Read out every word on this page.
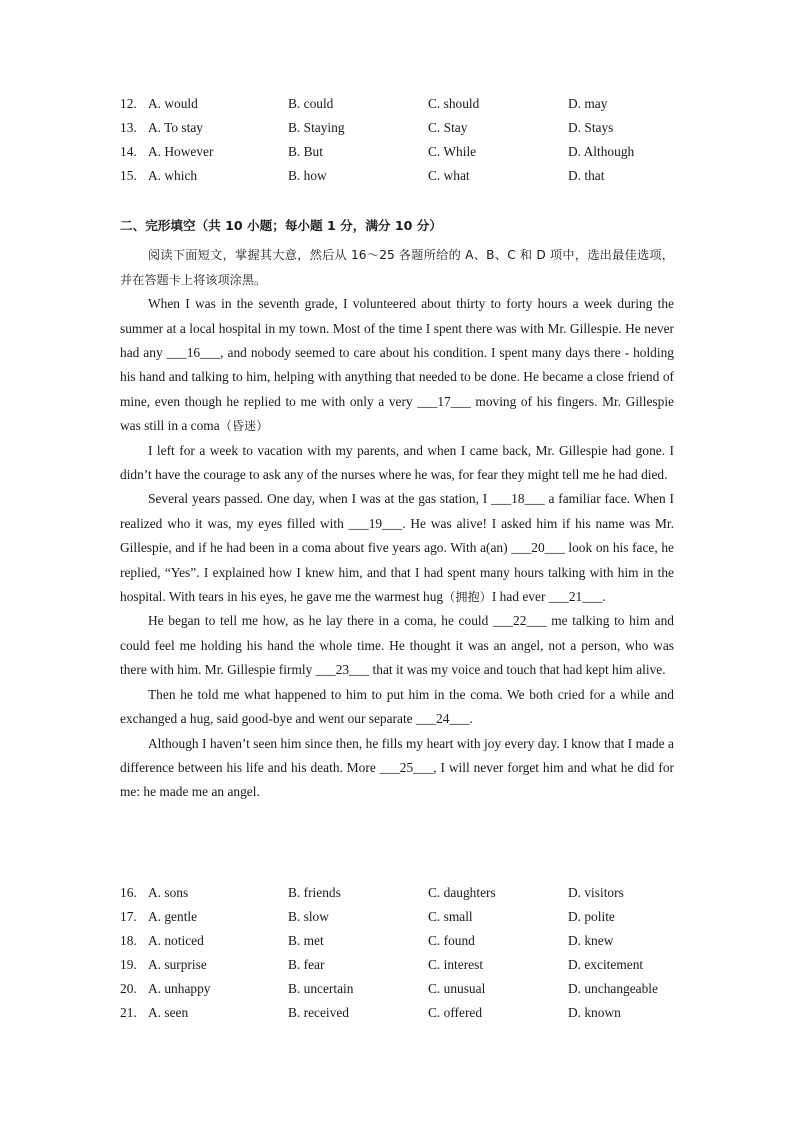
12. A. would	B. could	C. should	D. may
13. A. To stay	B. Staying	C. Stay	D. Stays
14. A. However	B. But	C. While	D. Although
15. A. which	B. how	C. what	D. that
二、完形填空（共 10 小题；每小题 1 分，满分 10 分）

阅读下面短文，掌握其大意，然后从 16～25 各题所给的 A、B、C 和 D 项中，选出最佳选项，并在答题卡上将该项涂黑。

When I was in the seventh grade, I volunteered about thirty to forty hours a week during the summer at a local hospital in my town. Most of the time I spent there was with Mr. Gillespie. He never had any ___16___, and nobody seemed to care about his condition. I spent many days there - holding his hand and talking to him, helping with anything that needed to be done. He became a close friend of mine, even though he replied to me with only a very ___17___ moving of his fingers. Mr. Gillespie was still in a coma（昏迷）

I left for a week to vacation with my parents, and when I came back, Mr. Gillespie had gone. I didn’t have the courage to ask any of the nurses where he was, for fear they might tell me he had died.

Several years passed. One day, when I was at the gas station, I ___18___ a familiar face. When I realized who it was, my eyes filled with ___19___. He was alive! I asked him if his name was Mr. Gillespie, and if he had been in a coma about five years ago. With a(an) ___20___ look on his face, he replied, “Yes”. I explained how I knew him, and that I had spent many hours talking with him in the hospital. With tears in his eyes, he gave me the warmest hug（拥抱）I had ever ___21___.

He began to tell me how, as he lay there in a coma, he could ___22___ me talking to him and could feel me holding his hand the whole time. He thought it was an angel, not a person, who was there with him. Mr. Gillespie firmly ___23___ that it was my voice and touch that had kept him alive.

Then he told me what happened to him to put him in the coma. We both cried for a while and exchanged a hug, said good-bye and went our separate ___24___.

Although I haven’t seen him since then, he fills my heart with joy every day. I know that I made a difference between his life and his death. More ___25___, I will never forget him and what he did for me: he made me an angel.

16. A. sons	B. friends	C. daughters	D. visitors
17. A. gentle	B. slow	C. small	D. polite
18. A. noticed	B. met	C. found	D. knew
19. A. surprise	B. fear	C. interest	D. excitement
20. A. unhappy	B. uncertain	C. unusual	D. unchangeable
21. A. seen	B. received	C. offered	D. known
